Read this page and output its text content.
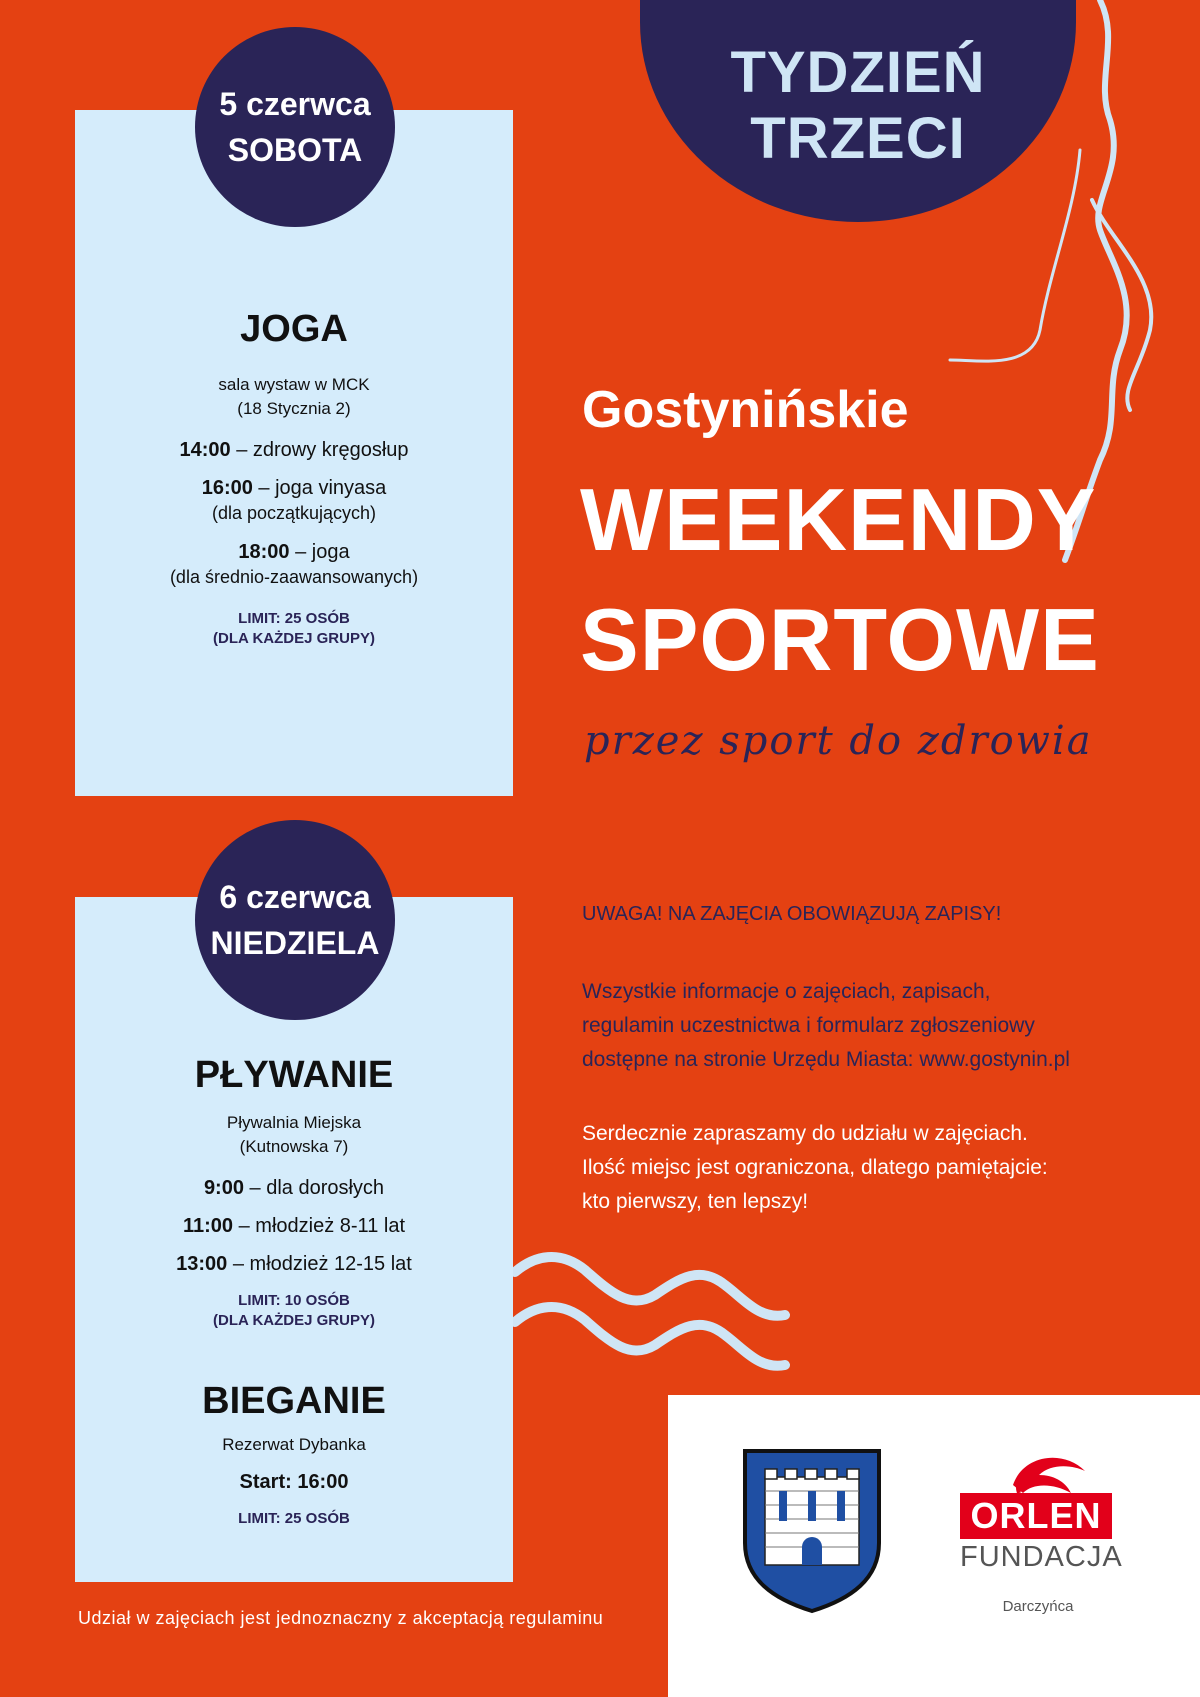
TYDZIEŃ
TRZECI
5 czerwca
SOBOTA
JOGA
sala wystaw w MCK
(18 Stycznia 2)
14:00 – zdrowy kręgosłup
16:00 – joga vinyasa
(dla początkujących)
18:00 – joga
(dla średnio-zaawansowanych)
LIMIT: 25 OSÓB
(DLA KAŻDEJ GRUPY)
6 czerwca
NIEDZIELA
PŁYWANIE
Pływalnia Miejska
(Kutnowska 7)
9:00 – dla dorosłych
11:00 – młodzież 8-11 lat
13:00 – młodzież 12-15 lat
LIMIT: 10 OSÓB
(DLA KAŻDEJ GRUPY)
BIEGANIE
Rezerwat Dybanka
Start: 16:00
LIMIT: 25 OSÓB
Gostynińskie
WEEKENDY
SPORTOWE
przez sport do zdrowia
UWAGA! NA ZAJĘCIA OBOWIĄZUJĄ ZAPISY!
Wszystkie informacje o zajęciach, zapisach,
regulamin uczestnictwa i formularz zgłoszeniowy
dostępne na stronie Urzędu Miasta: www.gostynin.pl
Serdecznie zapraszamy do udziału w zajęciach.
Ilość miejsc jest ograniczona, dlatego pamiętajcie:
kto pierwszy, ten lepszy!
ORLEN
FUNDACJA
Darczyńca
Udział w zajęciach jest jednoznaczny z akceptacją regulaminu
